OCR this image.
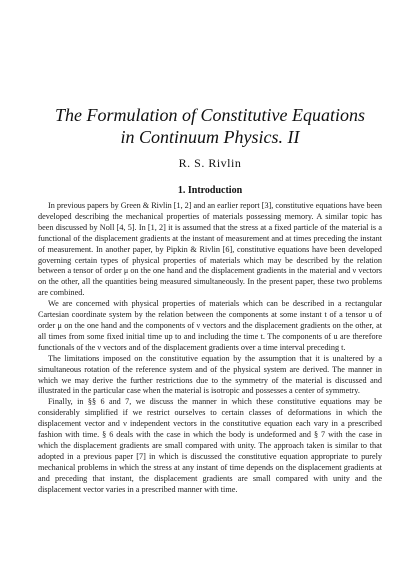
The Formulation of Constitutive Equations
in Continuum Physics. II
R. S. Rivlin
1. Introduction

In previous papers by Green & Rivlin [1, 2] and an earlier report [3], constitutive equations have been developed describing the mechanical properties of materials possessing memory. A similar topic has been discussed by Noll [4, 5]. In [1, 2] it is assumed that the stress at a fixed particle of the material is a functional of the displacement gradients at the instant of measurement and at times preceding the instant of measurement. In another paper, by Pipkin & Rivlin [6], constitutive equations have been developed governing certain types of physical properties of materials which may be described by the relation between a tensor of order μ on the one hand and the displacement gradients in the material and ν vectors on the other, all the quantities being measured simultaneously. In the present paper, these two problems are combined.

We are concerned with physical properties of materials which can be described in a rectangular Cartesian coordinate system by the relation between the components at some instant t of a tensor u of order μ on the one hand and the components of ν vectors and the displacement gradients on the other, at all times from some fixed initial time up to and including the time t. The components of u are therefore functionals of the ν vectors and of the displacement gradients over a time interval preceding t.

The limitations imposed on the constitutive equation by the assumption that it is unaltered by a simultaneous rotation of the reference system and of the physical system are derived. The manner in which we may derive the further restrictions due to the symmetry of the material is discussed and illustrated in the particular case when the material is isotropic and possesses a center of symmetry.

Finally, in §§ 6 and 7, we discuss the manner in which these constitutive equations may be considerably simplified if we restrict ourselves to certain classes of deformations in which the displacement vector and ν independent vectors in the constitutive equation each vary in a prescribed fashion with time. § 6 deals with the case in which the body is undeformed and § 7 with the case in which the displacement gradients are small compared with unity. The approach taken is similar to that adopted in a previous paper [7] in which is discussed the constitutive equation appropriate to purely mechanical problems in which the stress at any instant of time depends on the displacement gradients at and preceding that instant, the displacement gradients are small compared with unity and the displacement vector varies in a prescribed manner with time.
